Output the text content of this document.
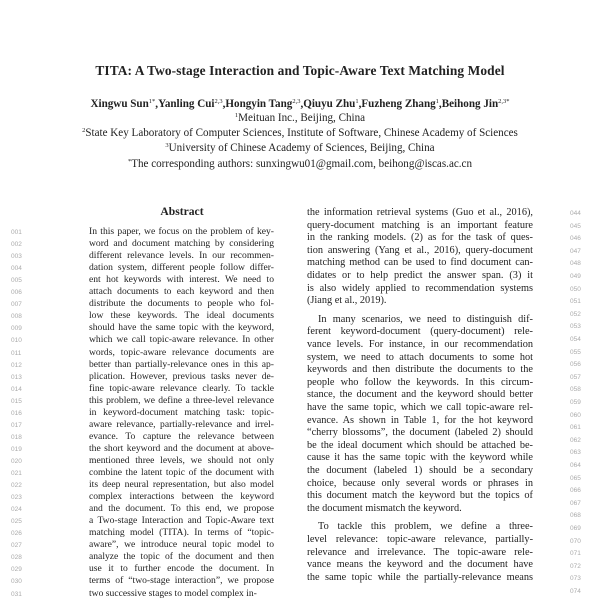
TITA: A Two-stage Interaction and Topic-Aware Text Matching Model
Xingwu Sun$^{1*}$,Yanling Cui$^{2,3}$,Hongyin Tang$^{2,3}$,Qiuyu Zhu$^1$,Fuzheng Zhang$^1$,Beihong Jin$^{2,3*}$
$^1$Meituan Inc., Beijing, China
$^2$State Key Laboratory of Computer Sciences, Institute of Software, Chinese Academy of Sciences
$^3$University of Chinese Academy of Sciences, Beijing, China
*The corresponding authors: sunxingwu01@gmail.com, beihong@iscas.ac.cn
Abstract
In this paper, we focus on the problem of key-
word and document matching by considering
different relevance levels. In our recommen-
dation system, different people follow differ-
ent hot keywords with interest. We need to
attach documents to each keyword and then
distribute the documents to people who fol-
low these keywords. The ideal documents
should have the same topic with the keyword,
which we call topic-aware relevance. In other
words, topic-aware relevance documents are
better than partially-relevance ones in this ap-
plication. However, previous tasks never de-
fine topic-aware relevance clearly. To tackle
this problem, we define a three-level relevance
in keyword-document matching task: topic-
aware relevance, partially-relevance and irrel-
evance. To capture the relevance between
the short keyword and the document at above-
mentioned three levels, we should not only
combine the latent topic of the document with
its deep neural representation, but also model
complex interactions between the keyword
and the document. To this end, we propose
a Two-stage Interaction and Topic-Aware text
matching model (TITA). In terms of “topic-
aware”, we introduce neural topic model to
analyze the topic of the document and then
use it to further encode the document. In
terms of “two-stage interaction”, we propose
two successive stages to model complex in-
001
002
003
004
005
006
007
008
009
010
011
012
013
014
015
016
017
018
019
020
021
022
023
024
025
026
027
028
029
030
031
the information retrieval systems (Guo et al., 2016),
query-document matching is an important feature
in the ranking models. (2) as for the task of ques-
tion answering (Yang et al., 2016), query-document
matching method can be used to find document can-
didates or to help predict the answer span. (3) it
is also widely applied to recommendation systems
(Jiang et al., 2019).
In many scenarios, we need to distinguish dif-
ferent keyword-document (query-document) rele-
vance levels. For instance, in our recommendation
system, we need to attach documents to some hot
keywords and then distribute the documents to the
people who follow the keywords. In this circum-
stance, the document and the keyword should better
have the same topic, which we call topic-aware rel-
evance. As shown in Table 1, for the hot keyword
“cherry blossoms”, the document (labeled 2) should
be the ideal document which should be attached be-
cause it has the same topic with the keyword while
the document (labeled 1) should be a secondary
choice, because only several words or phrases in
this document match the keyword but the topics of
the document mismatch the keyword.
To tackle this problem, we define a three-
level relevance: topic-aware relevance, partially-
relevance and irrelevance. The topic-aware rele-
vance means the keyword and the document have
the same topic while the partially-relevance means
044
045
046
047
048
049
050
051
052
053
054
055
056
057
058
059
060
061
062
063
064
065
066
067
068
069
070
071
072
073
074
